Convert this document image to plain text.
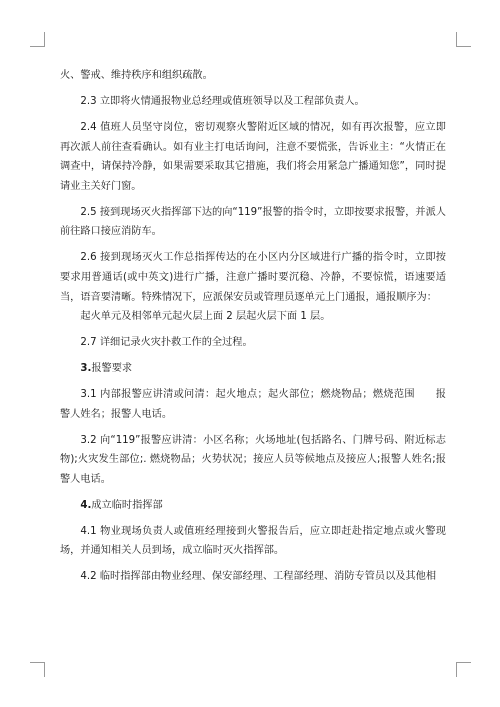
火、警戒、维持秩序和组织疏散。

2.3 立即将火情通报物业总经理或值班领导以及工程部负责人。

2.4 值班人员坚守岗位，密切观察火警附近区域的情况，如有再次报警，应立即再次派人前往查看确认。如有业主打电话询问，注意不要慌张，告诉业主：“火情正在调查中，请保持冷静，如果需要采取其它措施，我们将会用紧急广播通知您”，同时提请业主关好门窗。

2.5 接到现场灭火指挥部下达的向“119”报警的指令时，立即按要求报警，并派人前往路口接应消防车。

2.6 接到现场灭火工作总指挥传达的在小区内分区域进行广播的指令时，立即按要求用普通话(或中英文)进行广播，注意广播时要沉稳、冷静，不要惊慌，语速要适当，语音要清晰。特殊情况下，应派保安员或管理员逐单元上门通报，通报顺序为：

起火单元及相邻单元起火层上面 2 层起火层下面 1 层。

2.7 详细记录火灾扑救工作的全过程。

3.报警要求

3.1 内部报警应讲清或问清：起火地点；起火部位；燃烧物品；燃烧范围　　报警人姓名；报警人电话。

3.2 向“119”报警应讲清：小区名称；火场地址(包括路名、门牌号码、附近标志物);火灾发生部位;. 燃烧物品；火势状况；接应人员等候地点及接应人;报警人姓名;报警人电话。

4.成立临时指挥部

4.1 物业现场负责人或值班经理接到火警报告后，应立即赶赴指定地点或火警现场，并通知相关人员到场，成立临时灭火指挥部。

4.2 临时指挥部由物业经理、保安部经理、工程部经理、消防专管员以及其他相
